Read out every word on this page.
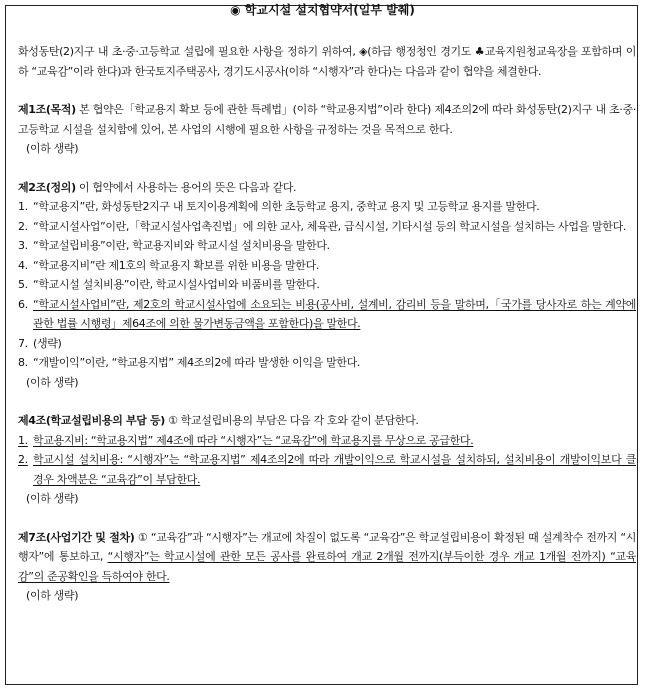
◉ 학교시설 설치협약서(일부 발췌)

화성동탄(2)지구 내 초·중·고등학교 설립에 필요한 사항을 정하기 위하여, ◈(하급 행정청인 경기도 ♣교육지원청교육장을 포함하며 이하 “교육감”이라 한다)과 한국토지주택공사, 경기도시공사(이하 “시행자”라 한다)는 다음과 같이 협약을 체결한다.

제1조(목적) 본 협약은「학교용지 확보 등에 관한 특례법」(이하 “학교용지법”이라 한다) 제4조의2에 따라 화성동탄(2)지구 내 초·중·고등학교 시설을 설치함에 있어, 본 사업의 시행에 필요한 사항을 규정하는 것을 목적으로 한다.

(이하 생략)

제2조(정의) 이 협약에서 사용하는 용어의 뜻은 다음과 같다.

1. “학교용지”란, 화성동탄2지구 내 토지이용계획에 의한 초등학교 용지, 중학교 용지 및 고등학교 용지를 말한다.
2. “학교시설사업”이란,「학교시설사업촉진법」에 의한 교사, 체육관, 급식시설, 기타시설 등의 학교시설을 설치하는 사업을 말한다.
3. “학교설립비용”이란, 학교용지비와 학교시설 설치비용을 말한다.
4. “학교용지비”란 제1호의 학교용지 확보를 위한 비용을 말한다.
5. “학교시설 설치비용”이란, 학교시설사업비와 비품비를 말한다.
6. “학교시설사업비”란, 제2호의 학교시설사업에 소요되는 비용(공사비, 설계비, 감리비 등을 말하며,「국가를 당사자로 하는 계약에 관한 법률 시행령」제64조에 의한 물가변동금액을 포함한다)을 말한다.
7. (생략)
8. “개발이익”이란, “학교용지법” 제4조의2에 따라 발생한 이익을 말한다.
(이하 생략)

제4조(학교설립비용의 부담 등) ① 학교설립비용의 부담은 다음 각 호와 같이 분담한다.

1. 학교용지비: “학교용지법” 제4조에 따라 “시행자”는 “교육감”에 학교용지를 무상으로 공급한다.
2. 학교시설 설치비용: “시행자”는 “학교용지법” 제4조의2에 따라 개발이익으로 학교시설을 설치하되, 설치비용이 개발이익보다 클 경우 차액분은 “교육감”이 부담한다.
(이하 생략)

제7조(사업기간 및 절차) ① “교육감”과 “시행자”는 개교에 차질이 없도록 “교육감”은 학교설립비용이 확정된 때 설계착수 전까지 “시행자”에 통보하고, “시행자”는 학교시설에 관한 모든 공사를 완료하여 개교 2개월 전까지(부득이한 경우 개교 1개월 전까지) “교육감”의 준공확인을 득하여야 한다.

(이하 생략)
